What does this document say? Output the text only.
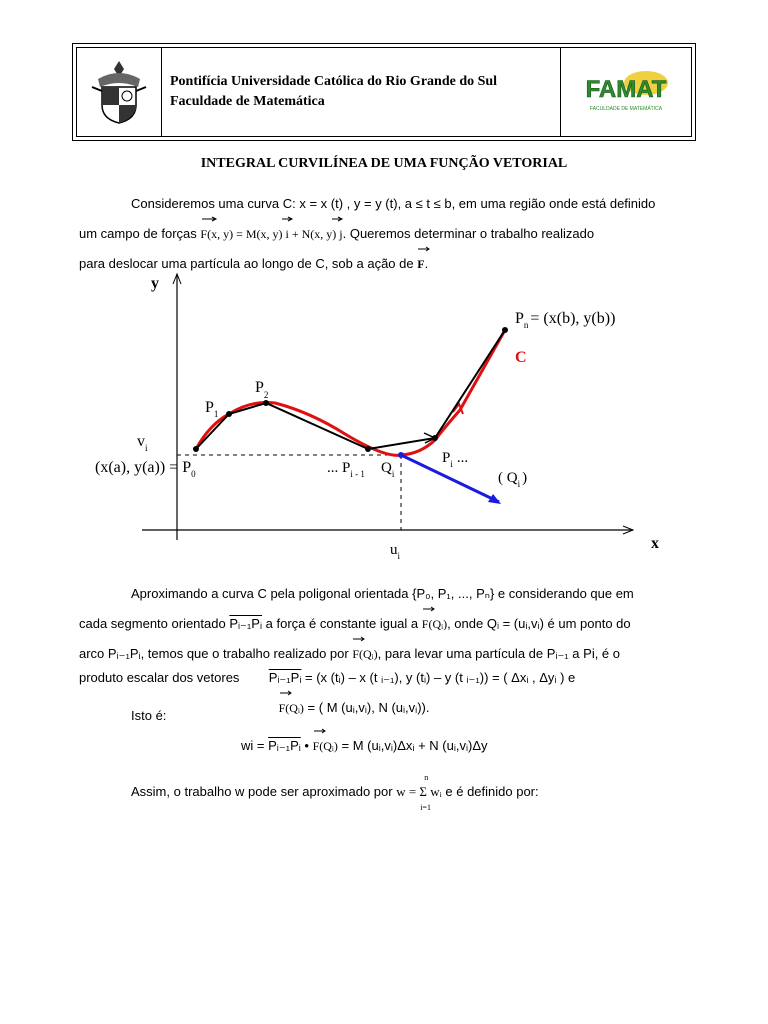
Pontifícia Universidade Católica do Rio Grande do Sul
Faculdade de Matemática	FAMAT
FACULDADE DE MATEMÁTICA
INTEGRAL CURVILÍNEA DE UMA FUNÇÃO VETORIAL
Consideremos uma curva C: x = x (t) , y = y (t), a ≤ t ≤ b, em uma região onde está definido
um campo de forças F(x, y) = M(x, y) i + N(x, y) j. Queremos determinar o trabalho realizado
para deslocar uma partícula ao longo de C, sob a ação de F.
y
x
$P_n = (x(b)$, y(b))
C
$P_1$
$P_2$
$v_i$
(x(a), $y(a)) = P_0$	... $P_{i - 1}$ $Q_i$
$P_i$ ...
( $Q_i$ )
$u_i$
Aproximando a curva C pela poligonal orientada {P₀, P₁, ..., Pₙ} e considerando que em
cada segmento orientado Pᵢ₋₁Pᵢ a força é constante igual a F(Qᵢ), onde Qᵢ = (uᵢ,vᵢ) é um ponto do
arco Pᵢ₋₁Pᵢ, temos que o trabalho realizado por F(Qᵢ), para levar uma partícula de Pᵢ₋₁ a Pi, é o
produto escalar dos vetores Pᵢ₋₁Pᵢ = (x (tᵢ) – x (t ᵢ₋₁), y (tᵢ) – y (t ᵢ₋₁)) = ( Δxᵢ , Δyᵢ ) e

F(Qᵢ) = ( M (uᵢ,vᵢ), N (uᵢ,vᵢ)).
Isto é:
wi = Pᵢ₋₁Pᵢ •
F(Qᵢ) = M (uᵢ,vᵢ)Δxᵢ + N (uᵢ,vᵢ)Δy
Assim, o trabalho w pode ser aproximado por
n
w = Σ wᵢ
i=1
e é definido por:
